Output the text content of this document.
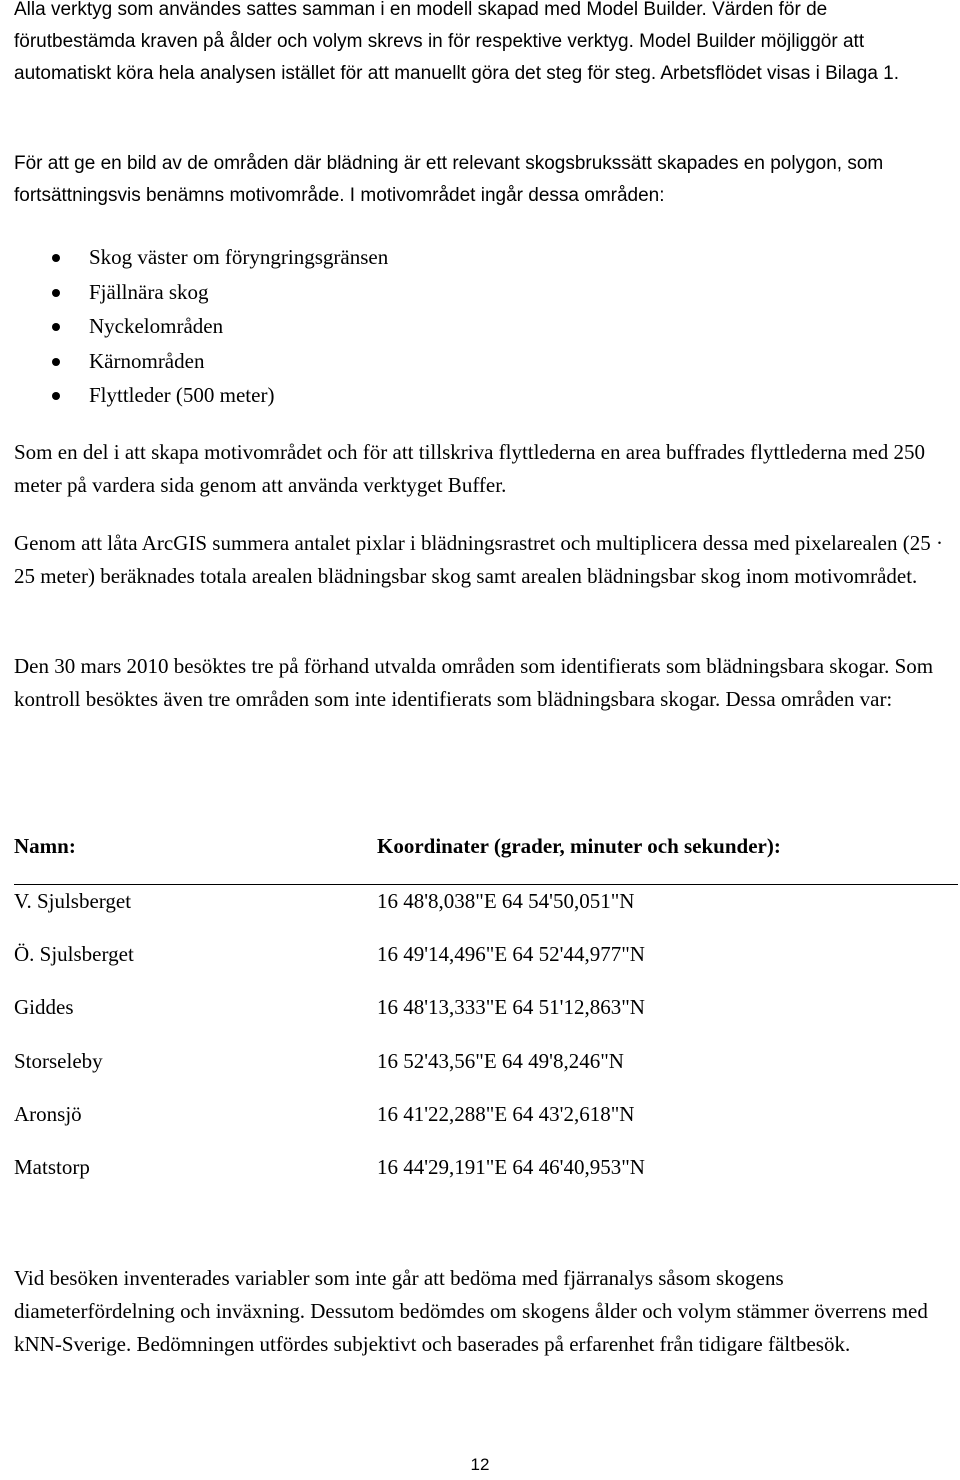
Alla verktyg som användes sattes samman i en modell skapad med Model Builder. Värden för de förutbestämda kraven på ålder och volym skrevs in för respektive verktyg. Model Builder möjliggör att automatiskt köra hela analysen istället för att manuellt göra det steg för steg. Arbetsflödet visas i Bilaga 1.

För att ge en bild av de områden där blädning är ett relevant skogsbrukssätt skapades en polygon, som fortsättningsvis benämns motivområde. I motivområdet ingår dessa områden:

Skog väster om föryngringsgränsen
Fjällnära skog
Nyckelområden
Kärnområden
Flyttleder (500 meter)

Som en del i att skapa motivområdet och för att tillskriva flyttlederna en area buffrades flyttlederna med 250 meter på vardera sida genom att använda verktyget Buffer.

Genom att låta ArcGIS summera antalet pixlar i blädningsrastret och multiplicera dessa med pixelarealen (25 · 25 meter) beräknades totala arealen blädningsbar skog samt arealen blädningsbar skog inom motivområdet.

Den 30 mars 2010 besöktes tre på förhand utvalda områden som identifierats som blädningsbara skogar. Som kontroll besöktes även tre områden som inte identifierats som blädningsbara skogar. Dessa områden var:

Namn:	Koordinater (grader, minuter och sekunder):
V. Sjulsberget	16 48'8,038"E 64 54'50,051"N
Ö. Sjulsberget	16 49'14,496"E 64 52'44,977"N
Giddes	16 48'13,333"E 64 51'12,863"N
Storseleby	16 52'43,56"E 64 49'8,246"N
Aronsjö	16 41'22,288"E 64 43'2,618"N
Matstorp	16 44'29,191"E 64 46'40,953"N

Vid besöken inventerades variabler som inte går att bedöma med fjärranalys såsom skogens diameterfördelning och inväxning. Dessutom bedömdes om skogens ålder och volym stämmer överrens med kNN-Sverige. Bedömningen utfördes subjektivt och baserades på erfarenhet från tidigare fältbesök.

12
